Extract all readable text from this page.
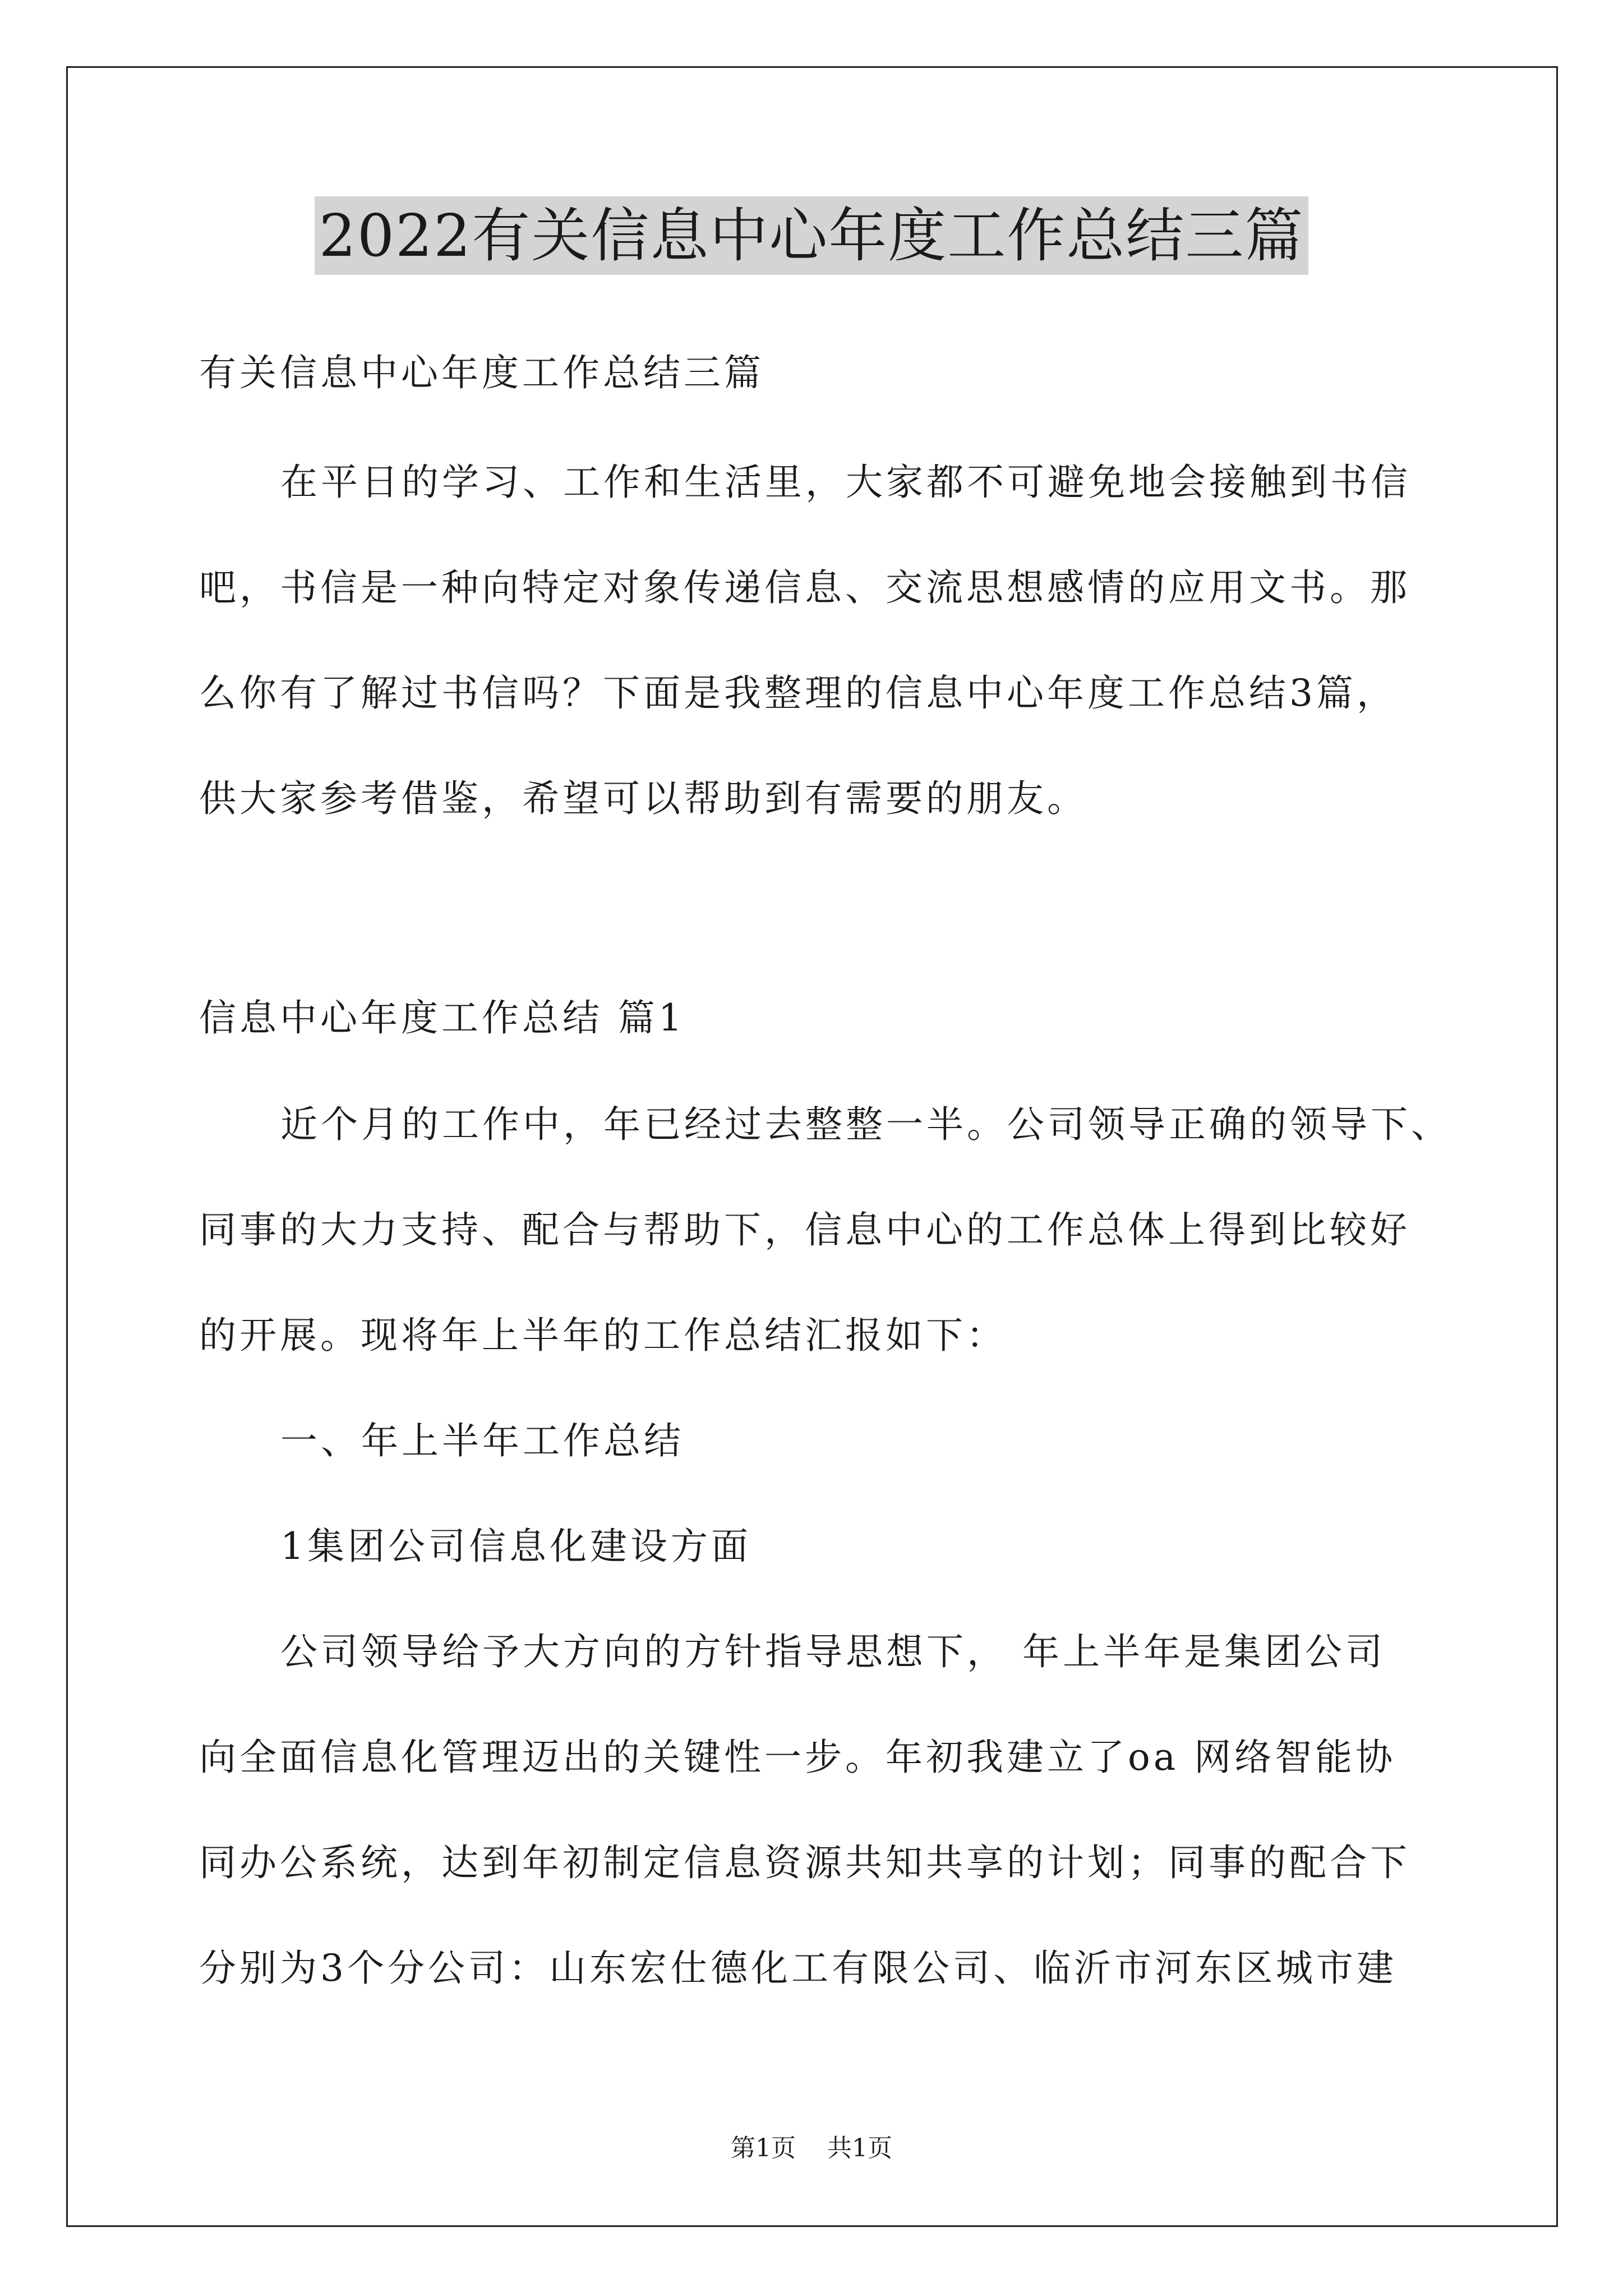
2022有关信息中心年度工作总结三篇
有关信息中心年度工作总结三篇
在平日的学习、工作和生活里，大家都不可避免地会接触到书信
吧，书信是一种向特定对象传递信息、交流思想感情的应用文书。那
么你有了解过书信吗？下面是我整理的信息中心年度工作总结3篇，
供大家参考借鉴，希望可以帮助到有需要的朋友。
信息中心年度工作总结 篇1
近个月的工作中，年已经过去整整一半。公司领导正确的领导下、
同事的大力支持、配合与帮助下，信息中心的工作总体上得到比较好
的开展。现将年上半年的工作总结汇报如下：
一、年上半年工作总结
1集团公司信息化建设方面
公司领导给予大方向的方针指导思想下， 年上半年是集团公司
向全面信息化管理迈出的关键性一步。年初我建立了oa 网络智能协
同办公系统，达到年初制定信息资源共知共享的计划；同事的配合下
分别为3个分公司：山东宏仕德化工有限公司、临沂市河东区城市建
第1页    共1页
